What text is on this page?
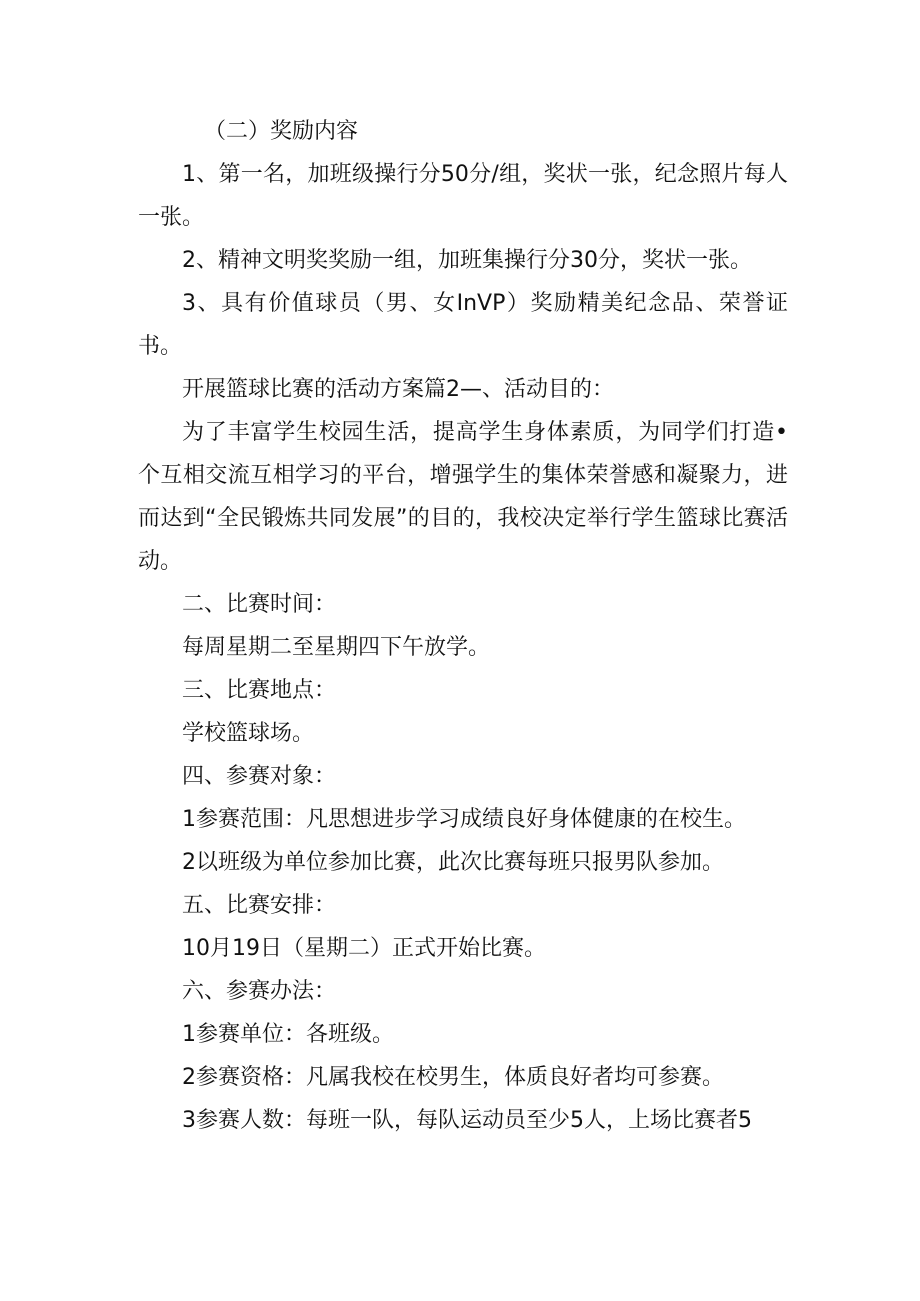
（二）奖励内容

1、第一名，加班级操行分50分/组，奖状一张，纪念照片每人一张。

2、精神文明奖奖励一组，加班集操行分30分，奖状一张。

3、具有价值球员（男、女InVP）奖励精美纪念品、荣誉证书。

开展篮球比赛的活动方案篇2—、活动目的：

为了丰富学生校园生活，提高学生身体素质，为同学们打造•个互相交流互相学习的平台，增强学生的集体荣誉感和凝聚力，进而达到“全民锻炼共同发展”的目的，我校决定举行学生篮球比赛活动。

二、比赛时间：

每周星期二至星期四下午放学。

三、比赛地点：

学校篮球场。

四、参赛对象：

1参赛范围：凡思想进步学习成绩良好身体健康的在校生。

2以班级为单位参加比赛，此次比赛每班只报男队参加。

五、比赛安排：

10月19日（星期二）正式开始比赛。

六、参赛办法：

1参赛单位：各班级。

2参赛资格：凡属我校在校男生，体质良好者均可参赛。

3参赛人数：每班一队，每队运动员至少5人，上场比赛者5
